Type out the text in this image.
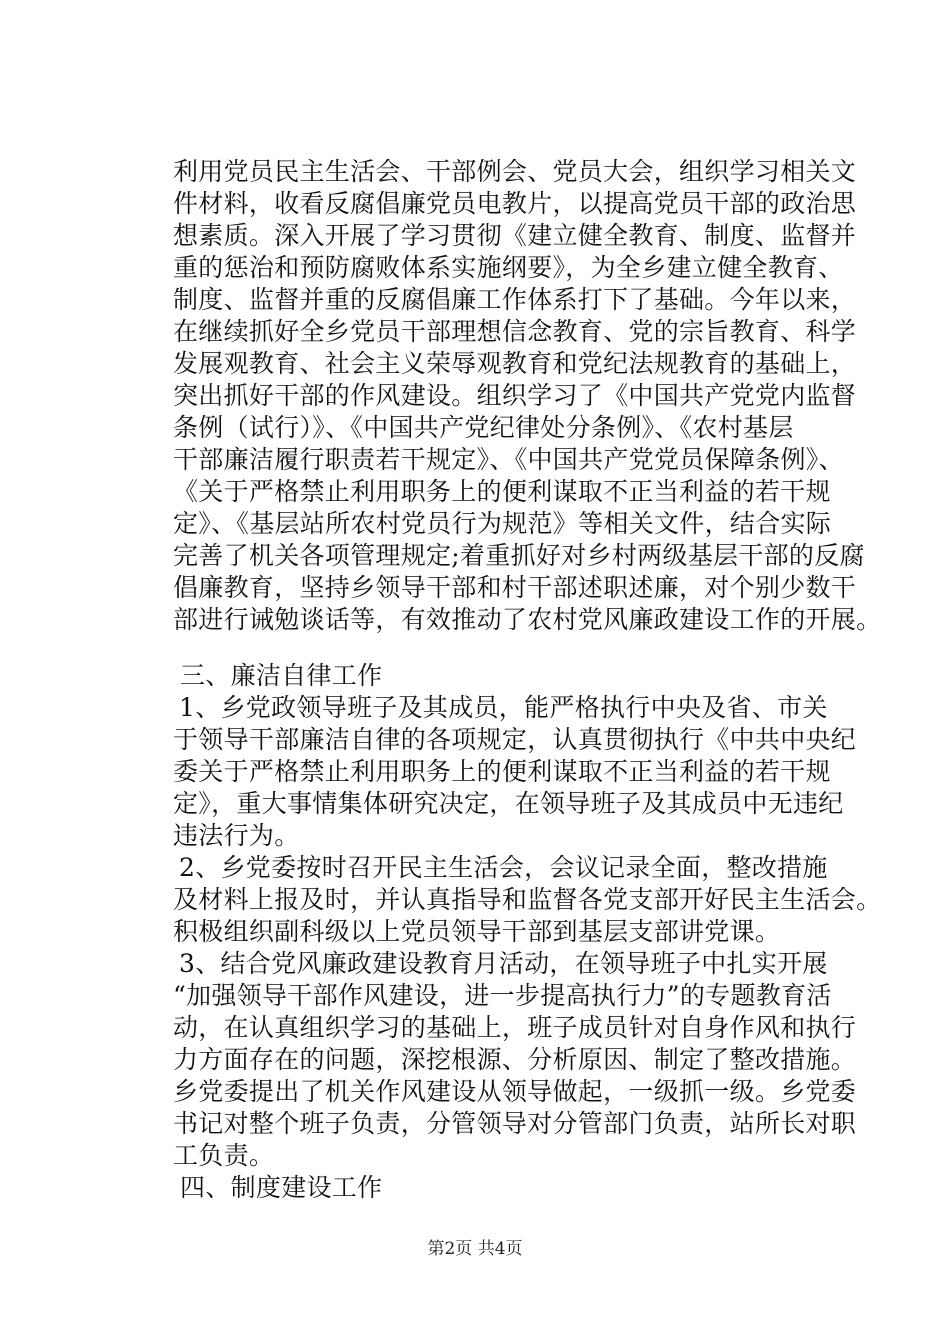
利用党员民主生活会、干部例会、党员大会，组织学习相关文
件材料，收看反腐倡廉党员电教片，以提高党员干部的政治思
想素质。深入开展了学习贯彻《建立健全教育、制度、监督并
重的惩治和预防腐败体系实施纲要》，为全乡建立健全教育、
制度、监督并重的反腐倡廉工作体系打下了基础。今年以来，
在继续抓好全乡党员干部理想信念教育、党的宗旨教育、科学
发展观教育、社会主义荣辱观教育和党纪法规教育的基础上，
突出抓好干部的作风建设。组织学习了《中国共产党党内监督
条例（试行）》、《中国共产党纪律处分条例》、《农村基层
干部廉洁履行职责若干规定》、《中国共产党党员保障条例》、
《关于严格禁止利用职务上的便利谋取不正当利益的若干规
定》、《基层站所农村党员行为规范》等相关文件，结合实际
完善了机关各项管理规定;着重抓好对乡村两级基层干部的反腐
倡廉教育，坚持乡领导干部和村干部述职述廉，对个别少数干
部进行诫勉谈话等，有效推动了农村党风廉政建设工作的开展。
三、廉洁自律工作
1、乡党政领导班子及其成员，能严格执行中央及省、市关
于领导干部廉洁自律的各项规定，认真贯彻执行《中共中央纪
委关于严格禁止利用职务上的便利谋取不正当利益的若干规
定》，重大事情集体研究决定，在领导班子及其成员中无违纪
违法行为。
2、乡党委按时召开民主生活会，会议记录全面，整改措施
及材料上报及时，并认真指导和监督各党支部开好民主生活会。
积极组织副科级以上党员领导干部到基层支部讲党课。
3、结合党风廉政建设教育月活动，在领导班子中扎实开展
“加强领导干部作风建设，进一步提高执行力”的专题教育活
动，在认真组织学习的基础上，班子成员针对自身作风和执行
力方面存在的问题，深挖根源、分析原因、制定了整改措施。
乡党委提出了机关作风建设从领导做起，一级抓一级。乡党委
书记对整个班子负责，分管领导对分管部门负责，站所长对职
工负责。
四、制度建设工作
第2页 共4页
